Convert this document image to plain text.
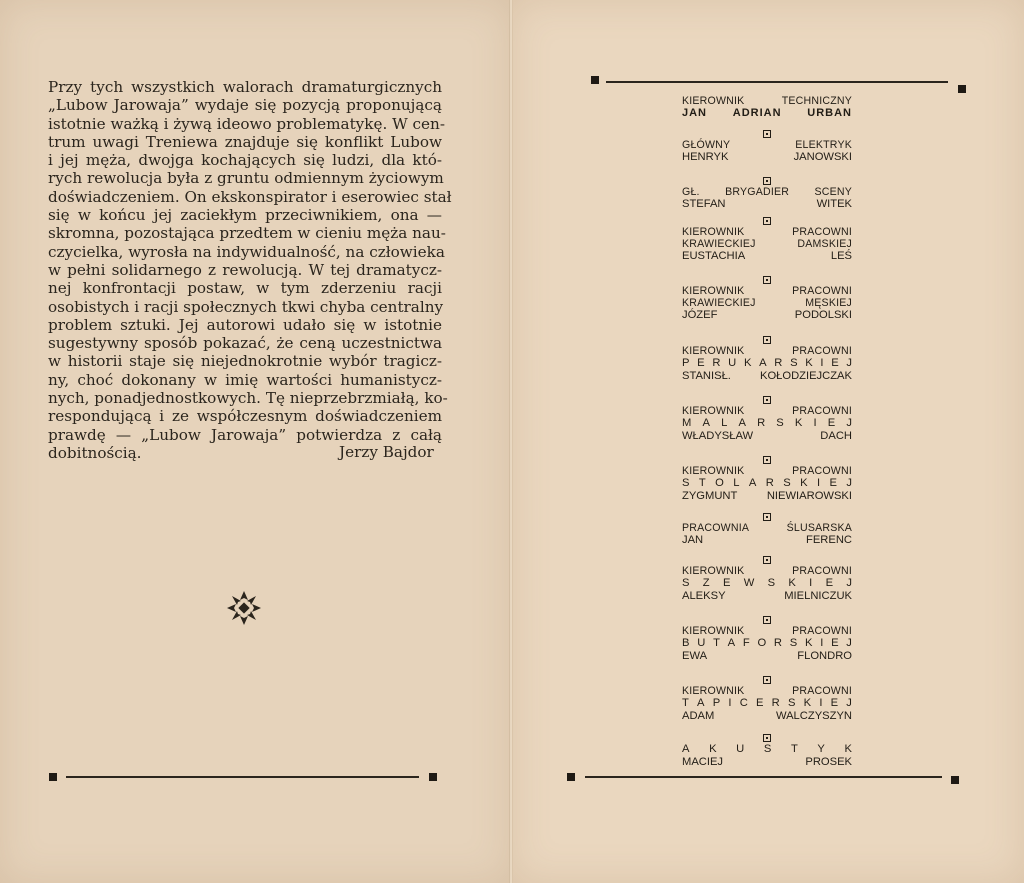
Przy tych wszystkich walorach dramaturgicznych
„Lubow Jarowaja” wydaje się pozycją proponującą
istotnie ważką i żywą ideowo problematykę. W cen-
trum uwagi Treniewa znajduje się konflikt Lubow
i jej męża, dwojga kochających się ludzi, dla któ-
rych rewolucja była z gruntu odmiennym życiowym
doświadczeniem. On ekskonspirator i eserowiec stał
się w końcu jej zaciekłym przeciwnikiem, ona —
skromna, pozostająca przedtem w cieniu męża nau-
czycielka, wyrosła na indywidualność, na człowieka
w pełni solidarnego z rewolucją. W tej dramatycz-
nej konfrontacji postaw, w tym zderzeniu racji
osobistych i racji społecznych tkwi chyba centralny
problem sztuki. Jej autorowi udało się w istotnie
sugestywny sposób pokazać, że ceną uczestnictwa
w historii staje się niejednokrotnie wybór tragicz-
ny, choć dokonany w imię wartości humanistycz-
nych, ponadjednostkowych. Tę nieprzebrzmiałą, ko-
respondującą i ze współczesnym doświadczeniem
prawdę — „Lubow Jarowaja” potwierdza z całą
dobitnością.	Jerzy Bajdor
KIEROWNIK	TECHNICZNY
JAN ADRIAN URBAN
GŁÓWNY	ELEKTRYK
HENRYK	JANOWSKI
GŁ. BRYGADIER SCENY
STEFAN	WITEK
KIEROWNIK	PRACOWNI
KRAWIECKIEJ	DAMSKIEJ
EUSTACHIA	LEŚ
KIEROWNIK	PRACOWNI
KRAWIECKIEJ	MĘSKIEJ
JÓZEF	PODOLSKI
KIEROWNIK	PRACOWNI
P E R U K A R S K I E J
STANISŁ.	KOŁODZIEJCZAK
KIEROWNIK	PRACOWNI
M A L A R S K I E J
WŁADYSŁAW	DACH
KIEROWNIK	PRACOWNI
S T O L A R S K I E J
ZYGMUNT	NIEWIAROWSKI
PRACOWNIA	ŚLUSARSKA
JAN	FERENC
KIEROWNIK	PRACOWNI
S Z E W S K I E J
ALEKSY	MIELNICZUK
KIEROWNIK	PRACOWNI
B U T A F O R S K I E J
EWA	FLONDRO
KIEROWNIK	PRACOWNI
T A P I C E R S K I E J
ADAM	WALCZYSZYN
A K U S T Y K
MACIEJ	PROSEK
